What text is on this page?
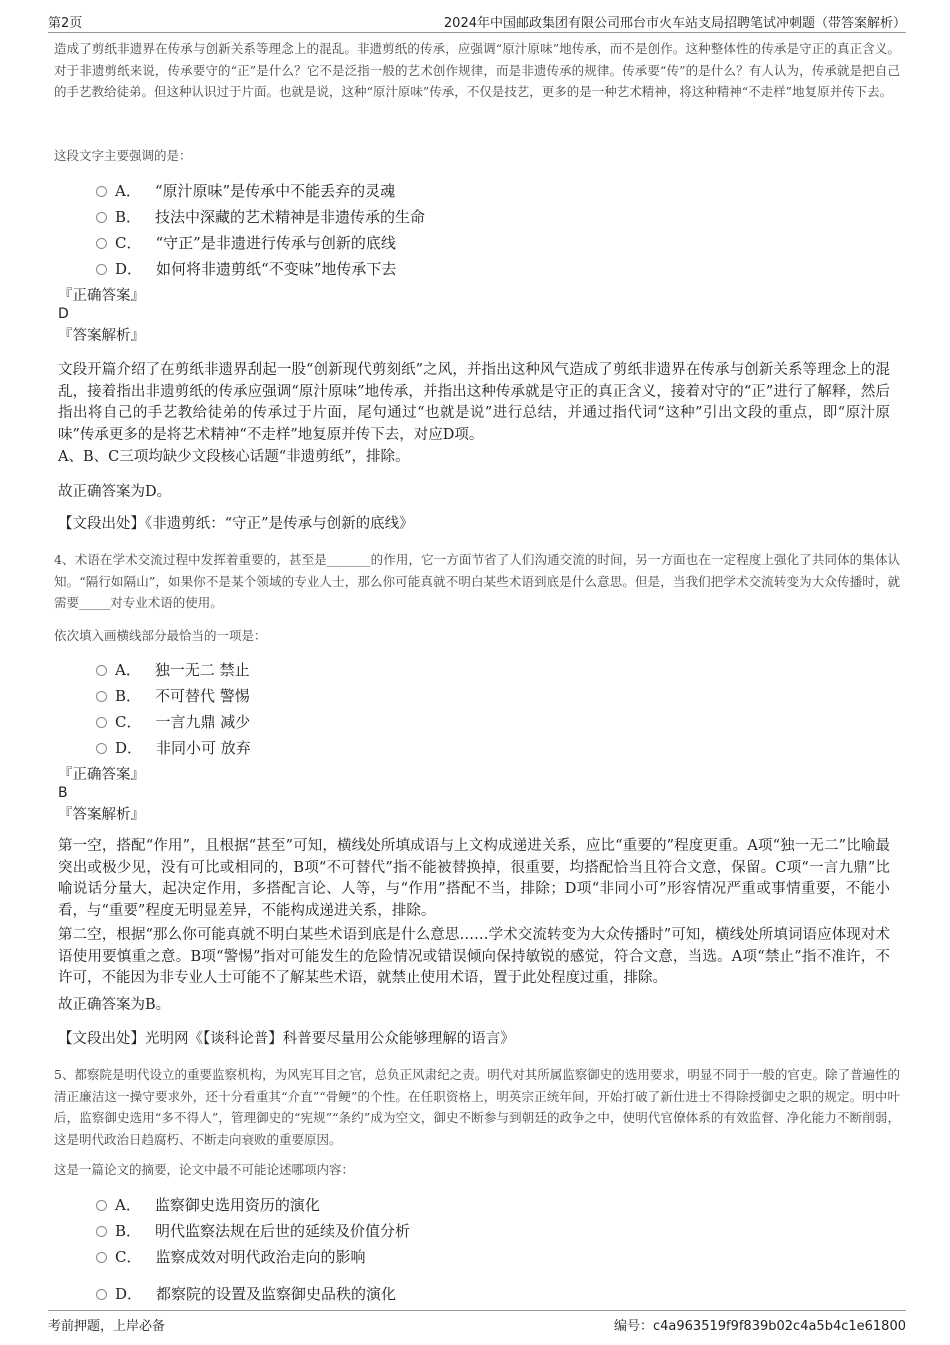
第2页	2024年中国邮政集团有限公司邢台市火车站支局招聘笔试冲刺题（带答案解析）
造成了剪纸非遗界在传承与创新关系等理念上的混乱。非遗剪纸的传承，应强调“原汁原味”地传承，而不是创作。这种整体性的传承是守正的真正含义。对于非遗剪纸来说，传承要守的“正”是什么？它不是泛指一般的艺术创作规律，而是非遗传承的规律。传承要“传”的是什么？有人认为，传承就是把自己的手艺教给徒弟。但这种认识过于片面。也就是说，这种“原汁原味”传承，不仅是技艺，更多的是一种艺术精神，将这种精神“不走样”地复原并传下去。
这段文字主要强调的是：
A． “原汁原味”是传承中不能丢弃的灵魂
B． 技法中深藏的艺术精神是非遗传承的生命
C． “守正”是非遗进行传承与创新的底线
D． 如何将非遗剪纸“不变味”地传承下去
『正确答案』
D
『答案解析』
文段开篇介绍了在剪纸非遗界刮起一股“创新现代剪刻纸”之风，并指出这种风气造成了剪纸非遗界在传承与创新关系等理念上的混乱，接着指出非遗剪纸的传承应强调“原汁原味”地传承，并指出这种传承就是守正的真正含义，接着对守的“正”进行了解释，然后指出将自己的手艺教给徒弟的传承过于片面，尾句通过“也就是说”进行总结，并通过指代词“这种”引出文段的重点，即“原汁原味”传承更多的是将艺术精神“不走样”地复原并传下去，对应D项。
A、B、C三项均缺少文段核心话题“非遗剪纸”，排除。
故正确答案为D。
【文段出处】《非遗剪纸：“守正”是传承与创新的底线》
4、术语在学术交流过程中发挥着重要的，甚至是_______的作用，它一方面节省了人们沟通交流的时间，另一方面也在一定程度上强化了共同体的集体认知。“隔行如隔山”，如果你不是某个领域的专业人士，那么你可能真就不明白某些术语到底是什么意思。但是，当我们把学术交流转变为大众传播时，就需要_____对专业术语的使用。
依次填入画横线部分最恰当的一项是：
A． 独一无二 禁止
B． 不可替代 警惕
C． 一言九鼎 减少
D． 非同小可 放弃
『正确答案』
B
『答案解析』
第一空，搭配“作用”，且根据“甚至”可知，横线处所填成语与上文构成递进关系，应比“重要的”程度更重。A项“独一无二”比喻最突出或极少见，没有可比或相同的，B项“不可替代”指不能被替换掉，很重要，均搭配恰当且符合文意，保留。C项“一言九鼎”比喻说话分量大，起决定作用，多搭配言论、人等，与“作用”搭配不当，排除；D项“非同小可”形容情况严重或事情重要，不能小看，与“重要”程度无明显差异，不能构成递进关系，排除。
第二空，根据“那么你可能真就不明白某些术语到底是什么意思……学术交流转变为大众传播时”可知，横线处所填词语应体现对术语使用要慎重之意。B项“警惕”指对可能发生的危险情况或错误倾向保持敏锐的感觉，符合文意，当选。A项“禁止”指不准许，不许可，不能因为非专业人士可能不了解某些术语，就禁止使用术语，置于此处程度过重，排除。
故正确答案为B。
【文段出处】光明网《【谈科论普】科普要尽量用公众能够理解的语言》
5、都察院是明代设立的重要监察机构，为风宪耳目之官，总负正风肃纪之责。明代对其所属监察御史的选用要求，明显不同于一般的官吏。除了普遍性的清正廉洁这一操守要求外，还十分看重其“介直”“骨鲠”的个性。在任职资格上，明英宗正统年间，开始打破了新仕进士不得除授御史之职的规定。明中叶后，监察御史选用“多不得人”，管理御史的“宪规”“条约”成为空文，御史不断参与到朝廷的政争之中，使明代官僚体系的有效监督、净化能力不断削弱，这是明代政治日趋腐朽、不断走向衰败的重要原因。
这是一篇论文的摘要，论文中最不可能论述哪项内容：
A． 监察御史选用资历的演化
B． 明代监察法规在后世的延续及价值分析
C． 监察成效对明代政治走向的影响
D． 都察院的设置及监察御史品秩的演化
考前押题，上岸必备	编号：c4a963519f9f839b02c4a5b4c1e61800
